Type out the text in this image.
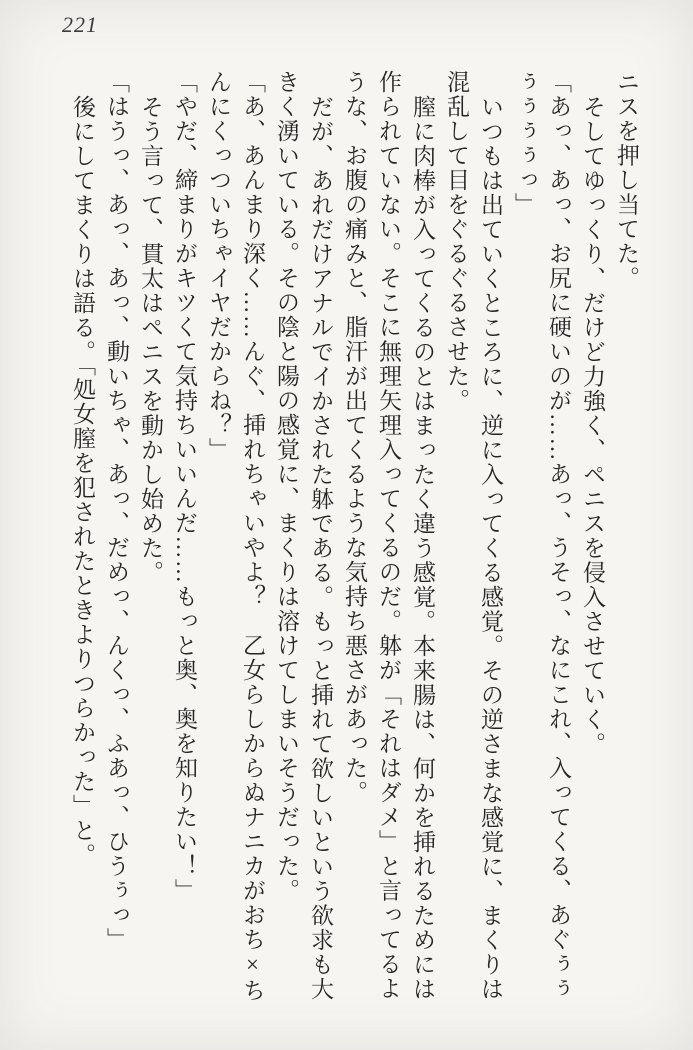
221
ニスを押し当てた。
そしてゆっくり、だけど力強く、ペニスを侵入させていく。
「あっ、あっ、お尻に硬いのが……あっ、うそっ、なにこれ、入ってくる、あぐぅぅ
ぅぅぅぅっ」
いつもは出ていくところに、逆に入ってくる感覚。その逆さまな感覚に、まくりは
混乱して目をぐるぐるさせた。
膣に肉棒が入ってくるのとはまったく違う感覚。本来腸は、何かを挿れるためには
作られていない。そこに無理矢理入ってくるのだ。躰が「それはダメ」と言ってるよ
うな、お腹の痛みと、脂汗が出てくるような気持ち悪さがあった。
だが、あれだけアナルでイかされた躰である。もっと挿れて欲しいという欲求も大
きく湧いている。その陰と陽の感覚に、まくりは溶けてしまいそうだった。
「あ、あんまり深く……んぐ、挿れちゃいやよ？　乙女らしからぬナニカがおち×ち
んにくっついちゃイヤだからね？」
「やだ、締まりがキツくて気持ちいいんだ……もっと奥、奥を知りたい！」
そう言って、貫太はペニスを動かし始めた。
「はうっ、あっ、あっ、動いちゃ、あっ、だめっ、んくっ、ふあっ、ひうぅっ」
後にしてまくりは語る。「処女膣を犯されたときよりつらかった」と。
